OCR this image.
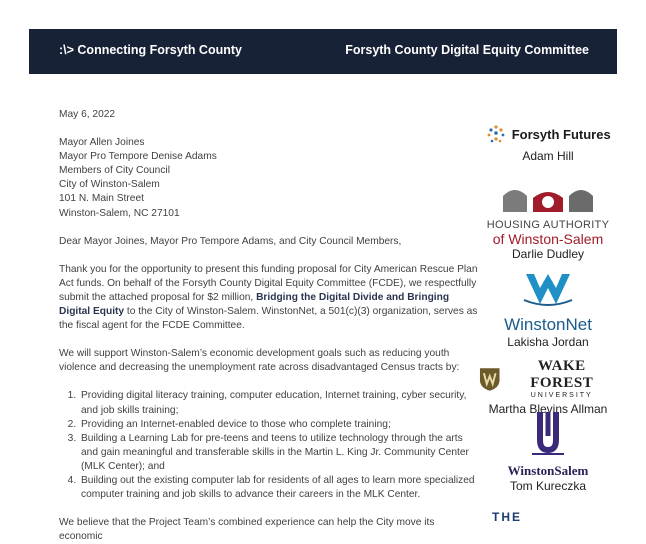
:\> Connecting Forsyth County	Forsyth County Digital Equity Committee

May 6, 2022

Mayor Allen Joines

Mayor Pro Tempore Denise Adams

Members of City Council

City of Winston-Salem

101 N. Main Street

Winston-Salem, NC 27101

Dear Mayor Joines, Mayor Pro Tempore Adams, and City Council Members,

Thank you for the opportunity to present this funding proposal for City American Rescue Plan Act funds. On behalf of the Forsyth County Digital Equity Committee (FCDE), we respectfully submit the attached proposal for $2 million, Bridging the Digital Divide and Bringing Digital Equity to the City of Winston-Salem. WinstonNet, a 501(c)(3) organization, serves as the fiscal agent for the FCDE Committee.

We will support Winston-Salem’s economic development goals such as reducing youth violence and decreasing the unemployment rate across disadvantaged Census tracts by:

1. Providing digital literacy training, computer education, Internet training, cyber security, and job skills training;
2. Providing an Internet-enabled device to those who complete training;
3. Building a Learning Lab for pre-teens and teens to utilize technology through the arts and gain meaningful and transferable skills in the Martin L. King Jr. Community Center (MLK Center); and
4. Building out the existing computer lab for residents of all ages to learn more specialized computer training and job skills to advance their careers in the MLK Center.

We believe that the Project Team’s combined experience can help the City move its economic

Forsyth Futures
Adam Hill
HOUSING AUTHORITY
of Winston-Salem
Darlie Dudley
WinstonNet
Lakisha Jordan
WAKE FOREST
UNIVERSITY
Martha Blevins Allman
WinstonSalem
Tom Kureczka
THE
